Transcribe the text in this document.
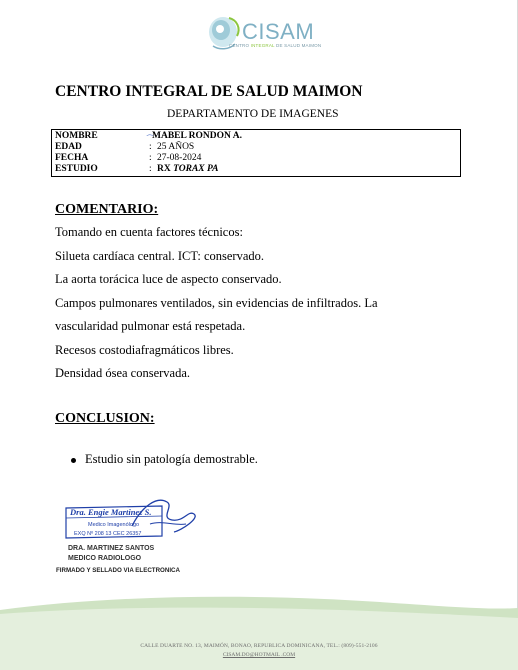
CISAM
CENTRO INTEGRAL DE SALUD MAIMON
CENTRO INTEGRAL DE SALUD MAIMON
DEPARTAMENTO DE IMAGENES
NOMBRE	⁔ MABEL RONDON A.
EDAD	: 25 AÑOS
FECHA	: 27-08-2024
ESTUDIO	: RX TORAX PA
COMENTARIO:
Tomando en cuenta factores técnicos:
Silueta cardíaca central. ICT: conservado.
La aorta torácica luce de aspecto conservado.
Campos pulmonares ventilados, sin evidencias de infiltrados. La
vascularidad pulmonar está respetada.
Recesos costodiafragmáticos libres.
Densidad ósea conservada.
CONCLUSION:
Estudio sin patología demostrable.
Dra. Engie Martinez S.
Medico Imagenólogo
EXQ Nº 208 13 CEC 26357
DRA. MARTINEZ SANTOS
MEDICO RADIOLOGO
FIRMADO Y SELLADO VIA ELECTRONICA
CALLE DUARTE NO. 13, MAIMÓN, BONAO, REPUBLICA DOMINICANA, TEL.: (809)-551-2106
CISAM.DO@HOTMAIL .COM
